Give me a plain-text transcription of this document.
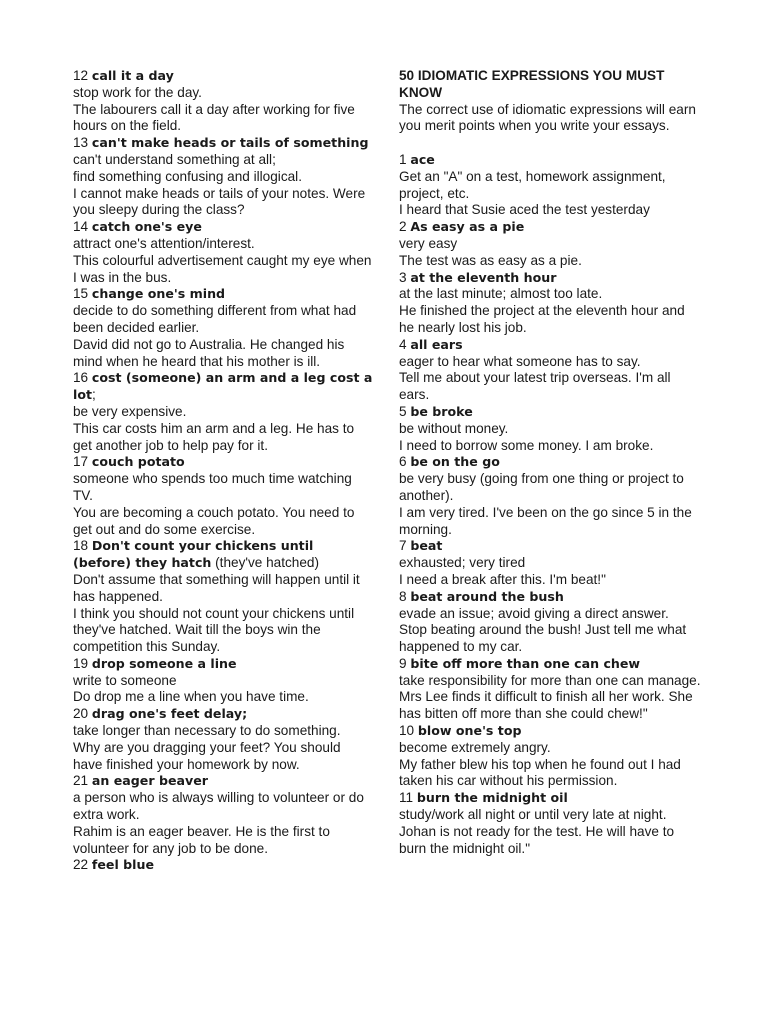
12 call it a day

stop work for the day.

The labourers call it a day after working for five hours on the field.

13 can't make heads or tails of something

can't understand something at all;

find something confusing and illogical.

I cannot make heads or tails of your notes. Were you sleepy during the class?

14 catch one's eye

attract one's attention/interest.

This colourful advertisement caught my eye when I was in the bus.

15 change one's mind

decide to do something different from what had been decided earlier.

David did not go to Australia. He changed his mind when he heard that his mother is ill.

16 cost (someone) an arm and a leg cost a lot;

be very expensive.

This car costs him an arm and a leg. He has to get another job to help pay for it.

17 couch potato

someone who spends too much time watching TV.

You are becoming a couch potato. You need to get out and do some exercise.

18 Don't count your chickens until (before) they hatch (they've hatched)

Don't assume that something will happen until it has happened.

I think you should not count your chickens until they've hatched. Wait till the boys win the competition this Sunday.

19 drop someone a line

write to someone

Do drop me a line when you have time.

20 drag one's feet delay;

take longer than necessary to do something.

Why are you dragging your feet? You should have finished your homework by now.

21 an eager beaver

a person who is always willing to volunteer or do extra work.

Rahim is an eager beaver. He is the first to volunteer for any job to be done.

22 feel blue

50 IDIOMATIC EXPRESSIONS YOU MUST KNOW

The correct use of idiomatic expressions will earn you merit points when you write your essays.

1 ace

Get an "A" on a test, homework assignment, project, etc.

I heard that Susie aced the test yesterday

2 As easy as a pie

very easy

The test was as easy as a pie.

3 at the eleventh hour

at the last minute; almost too late.

He finished the project at the eleventh hour and he nearly lost his job.

4 all ears

eager to hear what someone has to say.

Tell me about your latest trip overseas. I'm all ears.

5 be broke

be without money.

I need to borrow some money. I am broke.

6 be on the go

be very busy (going from one thing or project to another).

I am very tired. I've been on the go since 5 in the morning.

7 beat

exhausted; very tired

I need a break after this. I'm beat!"

8 beat around the bush

evade an issue; avoid giving a direct answer.

Stop beating around the bush! Just tell me what happened to my car.

9 bite off more than one can chew

take responsibility for more than one can manage.

Mrs Lee finds it difficult to finish all her work. She has bitten off more than she could chew!"

10 blow one's top

become extremely angry.

My father blew his top when he found out I had taken his car without his permission.

11 burn the midnight oil

study/work all night or until very late at night.

Johan is not ready for the test. He will have to burn the midnight oil."
